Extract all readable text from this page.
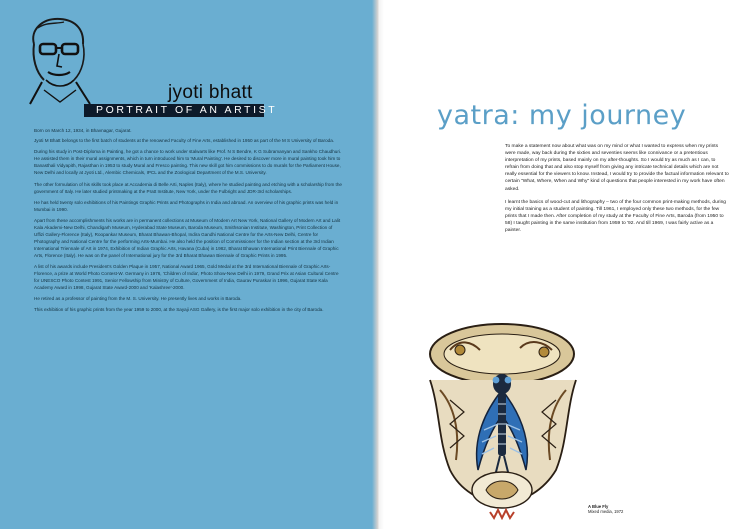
jyoti bhatt
PORTRAIT OF AN ARTIST

Born on March 12, 1934, in Bhavnagar, Gujarat.

Jyoti M Bhatt belongs to the first batch of students at the renowned Faculty of Fine Arts, established in 1950 as part of the M S University of Baroda.

During his study in Post-Diploma in Painting, he got a chance to work under stalwarts like Prof. N S Bendre, K G Subramanyan and Sankho Chaudhuri. He assisted them in their mural assignments, which in turn introduced him to 'Mural Painting'. He desired to discover more in mural painting took him to Banasthali Vidyapith, Rajasthan in 1953 to study Mural and Fresco painting. This new skill got him commissions to do murals for the Parliament House, New Delhi and locally at Jyoti Ltd., Alembic Chemicals, IPCL and the Zoological Department of the M.S. University.

The other formulation of his skills took place at Accademia di Belle Arti, Naples (Italy), where he studied painting and etching with a scholarship from the government of Italy. He later studied printmaking at the Pratt Institute, New York, under the Fulbright and JDR-3rd scholarships.

He has held twenty solo exhibitions of his Paintings Graphic Prints and Photographs in India and abroad. An overview of his graphic prints was held in Mumbai in 1990.

Apart from these accomplishments his works are in permanent collections at Museum of Modern Art New York, National Gallery of Modern Art and Lalit Kala Akademi-New Delhi, Chandigarh Museum, Hyderabad State Museum, Baroda Museum, Smithsonian Institute, Washington, Print Collection of Uffizi Gallery-Florence (Italy), Roopankar Museum, Bharat Bhawan-Bhopal, Indira Gandhi National Centre for the Arts-New Delhi, Centre for Photography and National Centre for the performing Arts-Mumbai. He also held the position of Commissioner for the Indian section at the 3rd Indian International Triennale of Art in 1974, Exhibition of Indian Graphic Arts, Havana (Cuba) in 1982, Bharat Bhawan International Print Biennale of Graphic Arts, Florence (Italy). He was on the panel of International jury for the 3rd Bharat Bhawan Biennale of Graphic Prints in 1995.

A list of his awards include President's Golden Plaque in 1957, National Award 1965, Gold Medal at the 3rd International Biennale of Graphic Arts-Florence, a prize at World Photo Contest-W. Germany in 1976, 'Children of India', Photo Show-New Delhi in 1979, Grand Prix at Asian Cultural Centre for UNESCO Photo Contest 1991, Senior Fellowship from Ministry of Culture, Government of India, Gaurav Puraskar in 1996, Gujarat State Kala Academy Award in 1998, Gujarat State Award-2000 and 'Kalashree'-2000.

He retired as a professor of painting from the M. S. University. He presently lives and works in Baroda.

This exhibition of his graphic prints from the year 1959 to 2000, at the Sayaji ASG Gallery, is the first major solo exhibition in the city of Baroda.

yatra: my journey

To make a statement now about what was on my mind or what I wanted to express when my prints were made, way back during the sixties and seventies seems like connivance or a pretentious interpretation of my prints, based mainly on my after-thoughts. So I would try as much as I can, to refrain from doing that and also stop myself from giving any intricate technical details which are not really essential for the viewers to know. Instead, I would try to provide the factual information relevant to certain "What, Where, When and Why" kind of questions that people interested in my work have often asked.

I learnt the basics of wood-cut and lithography – two of the four common print-making methods, during my initial training as a student of painting. Till 1961, I employed only these two methods, for the few prints that I made then. After completion of my study at the Faculty of Fine Arts, Baroda (from 1950 to 58) I taught painting in the same institution from 1959 to '92. And till 1969, I was fairly active as a painter.

A Blue Fly
Mixed media, 1972
